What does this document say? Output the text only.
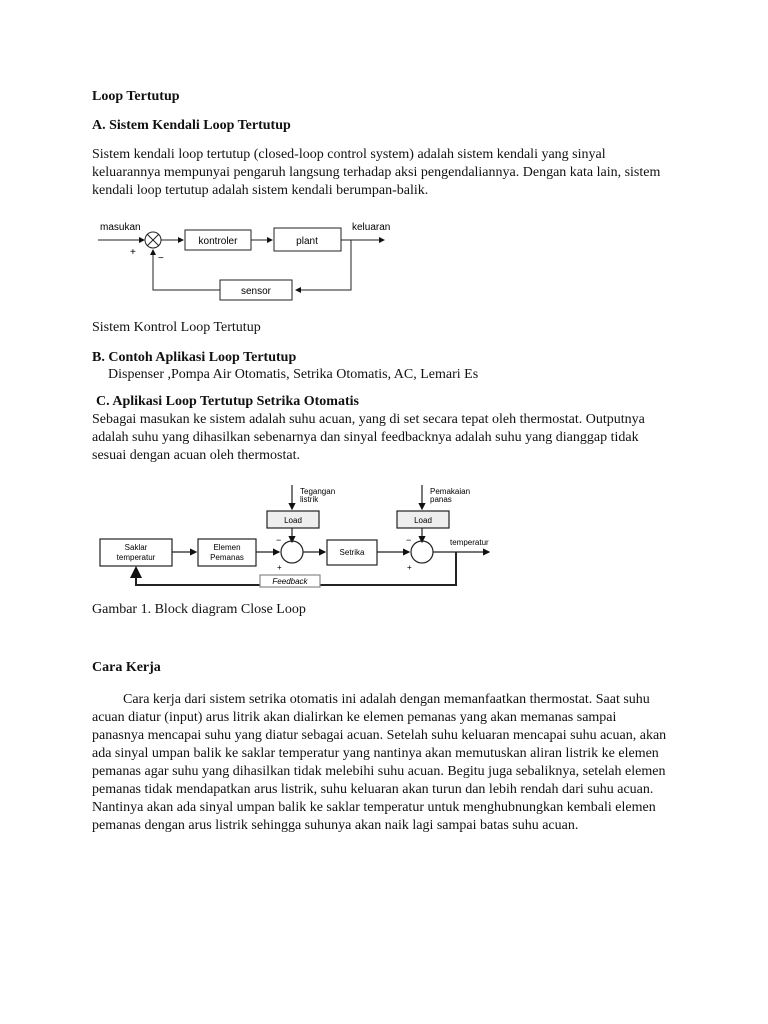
Loop Tertutup
A. Sistem Kendali Loop Tertutup
Sistem kendali loop tertutup (closed-loop control system) adalah sistem kendali yang sinyal
keluarannya mempunyai pengaruh langsung terhadap aksi pengendaliannya. Dengan kata lain, sistem
kendali loop tertutup adalah sistem kendali berumpan-balik.
masukan	keluaran
+
−
kontroler	plant
sensor
Sistem Kontrol Loop Tertutup
B. Contoh Aplikasi Loop Tertutup
Dispenser ,Pompa Air Otomatis, Setrika Otomatis, AC, Lemari Es
C. Aplikasi Loop Tertutup Setrika Otomatis
Sebagai masukan ke sistem adalah suhu acuan, yang di set secara tepat oleh thermostat. Outputnya
adalah suhu yang dihasilkan sebenarnya dan sinyal feedbacknya adalah suhu yang dianggap tidak
sesuai dengan acuan oleh thermostat.
Tegangan
listrik
Pemakaian
panas
Load	Load
Saklar
temperatur
Elemen
Pemanas
Setrika
temperatur
Feedback
−
+
−
+
Gambar 1. Block diagram Close Loop
Cara Kerja
Cara kerja dari sistem setrika otomatis ini adalah dengan memanfaatkan thermostat. Saat suhu
acuan diatur (input) arus litrik akan dialirkan ke elemen pemanas yang akan memanas sampai
panasnya mencapai suhu yang diatur sebagai acuan. Setelah suhu keluaran mencapai suhu acuan, akan
ada sinyal umpan balik ke saklar temperatur yang nantinya akan memutuskan aliran listrik ke elemen
pemanas agar suhu yang dihasilkan tidak melebihi suhu acuan. Begitu juga sebaliknya, setelah elemen
pemanas tidak mendapatkan arus listrik, suhu keluaran akan turun dan lebih rendah dari suhu acuan.
Nantinya akan ada sinyal umpan balik ke saklar temperatur untuk menghubnungkan kembali elemen
pemanas dengan arus listrik sehingga suhunya akan naik lagi sampai batas suhu acuan.
